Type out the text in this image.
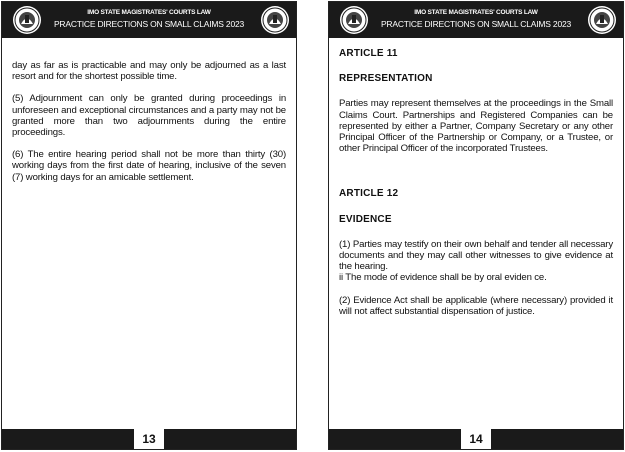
IMO STATE MAGISTRATES' COURTS LAW
PRACTICE DIRECTIONS ON SMALL CLAIMS 2023

day as far as is practicable and may only be adjourned as a last resort and for the shortest possible time.

(5) Adjournment can only be granted during proceedings in unforeseen and exceptional circumstances and a party may not be granted more than two adjournments during the entire proceedings.

(6) The entire hearing period shall not be more than thirty (30) working days from the first date of hearing, inclusive of the seven (7) working days for an amicable settlement.

13
IMO STATE MAGISTRATES' COURTS LAW
PRACTICE DIRECTIONS ON SMALL CLAIMS 2023

ARTICLE 11

REPRESENTATION

Parties may represent themselves at the proceedings in the Small Claims Court. Partnerships and Registered Companies can be represented by either a Partner, Company Secretary or any other Principal Officer of the Partnership or Company, or a Trustee, or other Principal Officer of the incorporated Trustees.

ARTICLE 12

EVIDENCE

(1) Parties may testify on their own behalf and tender all necessary documents and they may call other witnesses to give evidence at the hearing.

ii The mode of evidence shall be by oral eviden ce.

(2) Evidence Act shall be applicable (where necessary) provided it will not affect substantial dispensation of justice.

14
